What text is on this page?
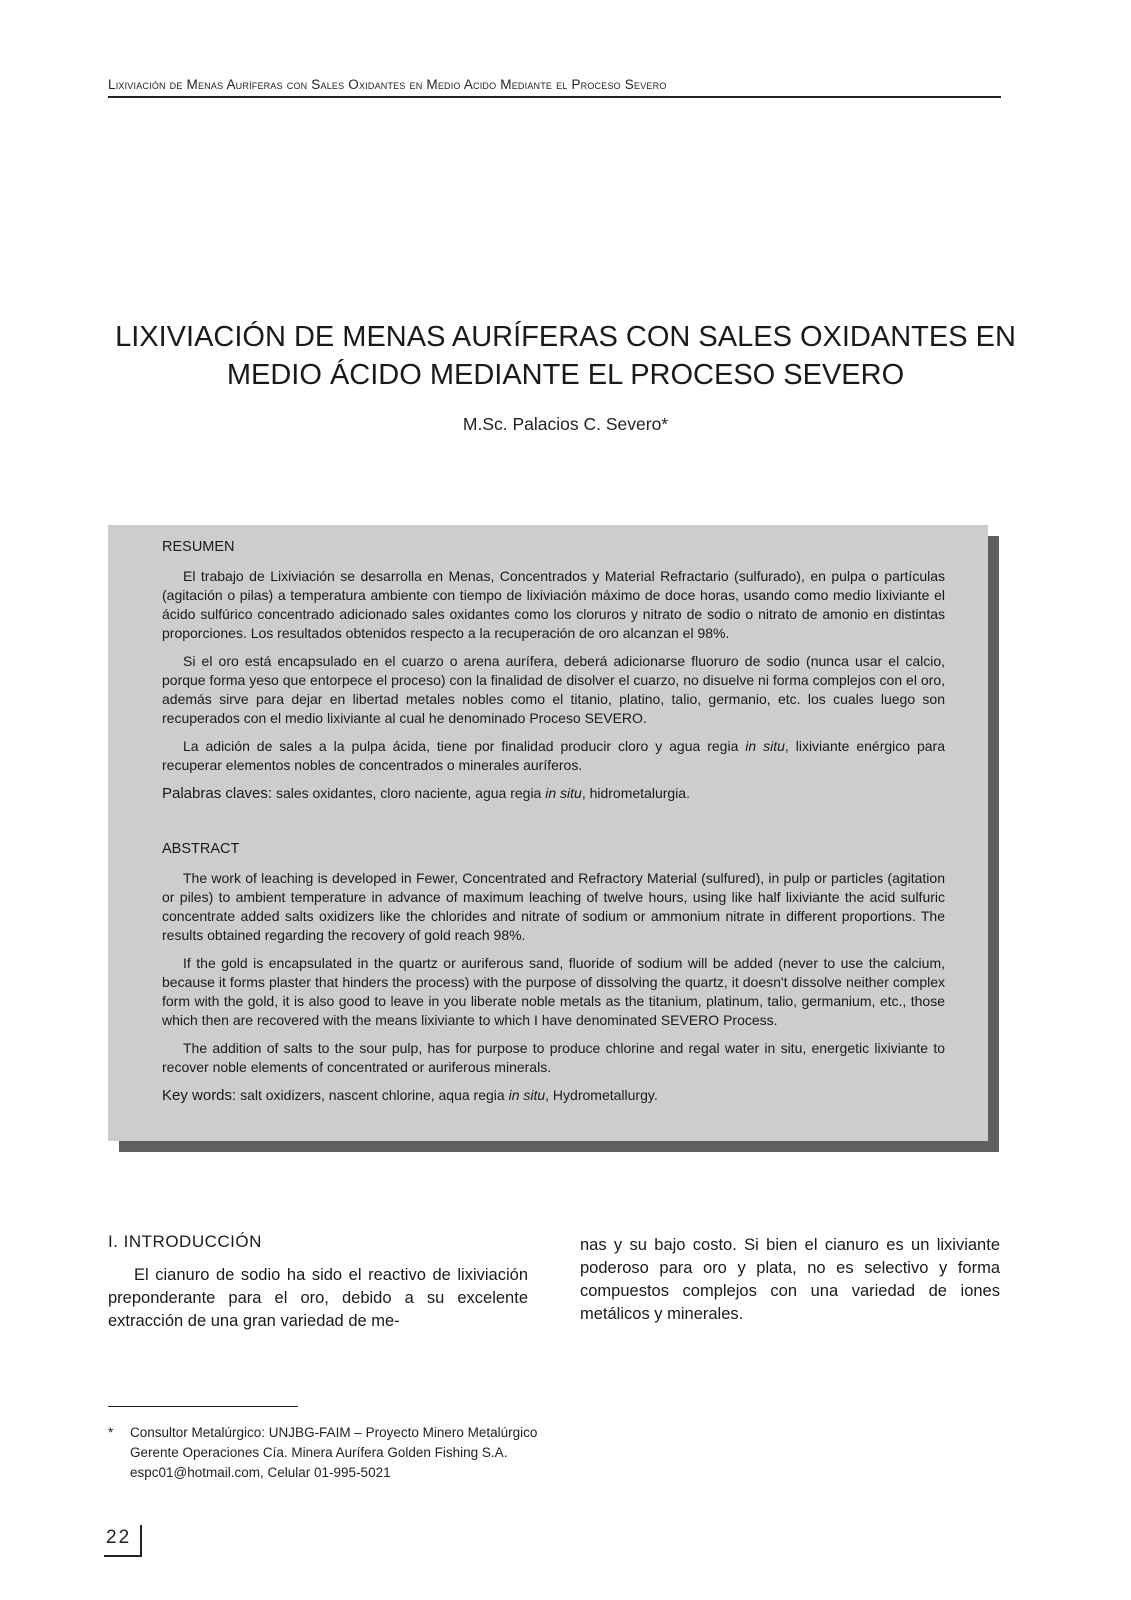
Lixiviación de Menas Auríferas con Sales Oxidantes en Medio Acido Mediante el Proceso Severo
LIXIVIACIÓN DE MENAS AURÍFERAS CON SALES OXIDANTES EN
MEDIO ÁCIDO MEDIANTE EL PROCESO SEVERO
M.Sc. Palacios C. Severo*
RESUMEN

El trabajo de Lixiviación se desarrolla en Menas, Concentrados y Material Refractario (sulfurado), en pulpa o partículas (agitación o pilas) a temperatura ambiente con tiempo de lixiviación máximo de doce horas, usando como medio lixiviante el ácido sulfúrico concentrado adicionado sales oxidantes como los cloruros y nitrato de sodio o nitrato de amonio en distintas proporciones. Los resultados obtenidos respecto a la recuperación de oro alcanzan el 98%.

Si el oro está encapsulado en el cuarzo o arena aurífera, deberá adicionarse fluoruro de sodio (nunca usar el calcio, porque forma yeso que entorpece el proceso) con la finalidad de disolver el cuarzo, no disuelve ni forma complejos con el oro, además sirve para dejar en libertad metales nobles como el titanio, platino, talio, germanio, etc. los cuales luego son recuperados con el medio lixiviante al cual he denominado Proceso SEVERO.

La adición de sales a la pulpa ácida, tiene por finalidad producir cloro y agua regia in situ, lixiviante enérgico para recuperar elementos nobles de concentrados o minerales auríferos.

Palabras claves: sales oxidantes, cloro naciente, agua regia in situ, hidrometalurgia.

ABSTRACT

The work of leaching is developed in Fewer, Concentrated and Refractory Material (sulfured), in pulp or particles (agitation or piles) to ambient temperature in advance of maximum leaching of twelve hours, using like half lixiviante the acid sulfuric concentrate added salts oxidizers like the chlorides and nitrate of sodium or ammonium nitrate in different proportions. The results obtained regarding the recovery of gold reach 98%.

If the gold is encapsulated in the quartz or auriferous sand, fluoride of sodium will be added (never to use the calcium, because it forms plaster that hinders the process) with the purpose of dissolving the quartz, it doesn't dissolve neither complex form with the gold, it is also good to leave in you liberate noble metals as the titanium, platinum, talio, germanium, etc., those which then are recovered with the means lixiviante to which I have denominated SEVERO Process.

The addition of salts to the sour pulp, has for purpose to produce chlorine and regal water in situ, energetic lixiviante to recover noble elements of concentrated or auriferous minerals.

Key words: salt oxidizers, nascent chlorine, aqua regia in situ, Hydrometallurgy.

I. INTRODUCCIÓN
El cianuro de sodio ha sido el reactivo de lixiviación preponderante para el oro, debido a su excelente extracción de una gran variedad de me-
nas y su bajo costo. Si bien el cianuro es un lixiviante poderoso para oro y plata, no es selectivo y forma compuestos complejos con una variedad de iones metálicos y minerales.
* Consultor Metalúrgico: UNJBG-FAIM – Proyecto Minero Metalúrgico
Gerente Operaciones Cía. Minera Aurífera Golden Fishing S.A.
espc01@hotmail.com, Celular 01-995-5021
22
